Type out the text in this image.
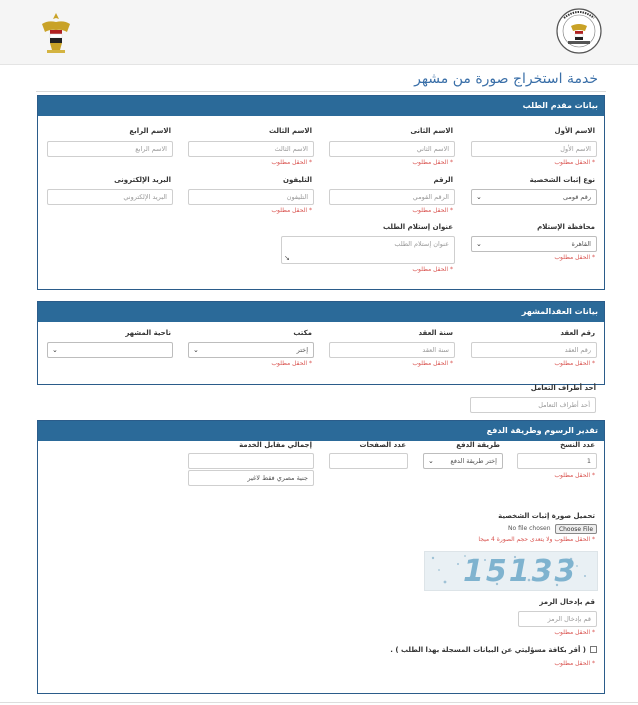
خدمة استخراج صورة من مشهر
بيانات مقدم الطلب
الاسم الأول
الاسم الأول
* الحقل مطلوب
الاسم الثانى
الاسم الثاني
* الحقل مطلوب
الاسم الثالث
الاسم الثالث
* الحقل مطلوب
الاسم الرابع
الاسم الرابع
نوع إثبات الشخصية
رقم قومى
⌄
الرقم
الرقم القومي
* الحقل مطلوب
التليفون
التليفون
* الحقل مطلوب
البريد الإلكترونى
البريد الإلكتروني
محافظة الإستلام
القاهرة
⌄
* الحقل مطلوب
عنوان إستلام الطلب
عنوان إستلام الطلب
↘
* الحقل مطلوب
بيانات العقدالمشهر
رقم العقد
رقم العقد
* الحقل مطلوب
سنة العقد
سنة العقد
* الحقل مطلوب
مكتب
إختر
⌄
* الحقل مطلوب
ناحية المشهر
⌄
أحد أطراف التعامل
أحد أطراف التعامل
تقدير الرسوم وطريقة الدفع
عدد النسخ
1
* الحقل مطلوب
طريقة الدفع
إختر طريقة الدفع
⌄
عدد الصفحات
إجمالي مقابل الخدمة
جنية مصري فقط لاغير
تحميل صورة إثبات الشخصية
Choose File
No file chosen
* الحقل مطلوب ولا يتعدى حجم الصورة 4 ميجا
15133
قم بإدخال الرمز
قم بإدخال الرمز
* الحقل مطلوب
( أقر بكافة مسؤليتي عن البيانات المسجلة بهذا الطلب ) .
* الحقل مطلوب
